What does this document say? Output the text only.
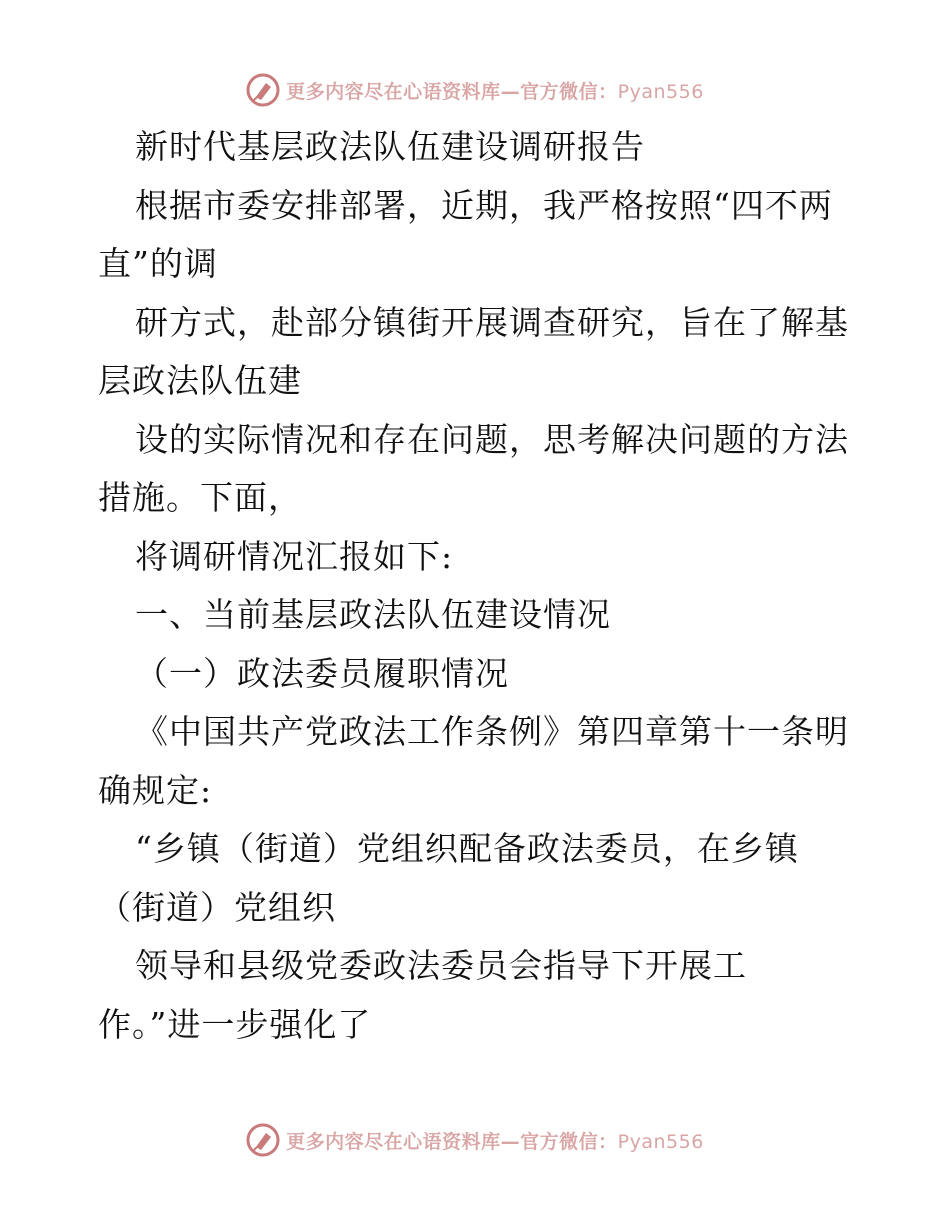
更多内容尽在心语资料库—官方微信：Pyan556
新时代基层政法队伍建设调研报告
根据市委安排部署，近期，我严格按照“四不两
直”的调
研方式，赴部分镇街开展调查研究，旨在了解基
层政法队伍建
设的实际情况和存在问题，思考解决问题的方法
措施。下面，
将调研情况汇报如下:
一、当前基层政法队伍建设情况
（一）政法委员履职情况
《中国共产党政法工作条例》第四章第十一条明
确规定:
“乡镇（街道）党组织配备政法委员，在乡镇
（街道）党组织
领导和县级党委政法委员会指导下开展工
作。”进一步强化了
更多内容尽在心语资料库—官方微信：Pyan556
